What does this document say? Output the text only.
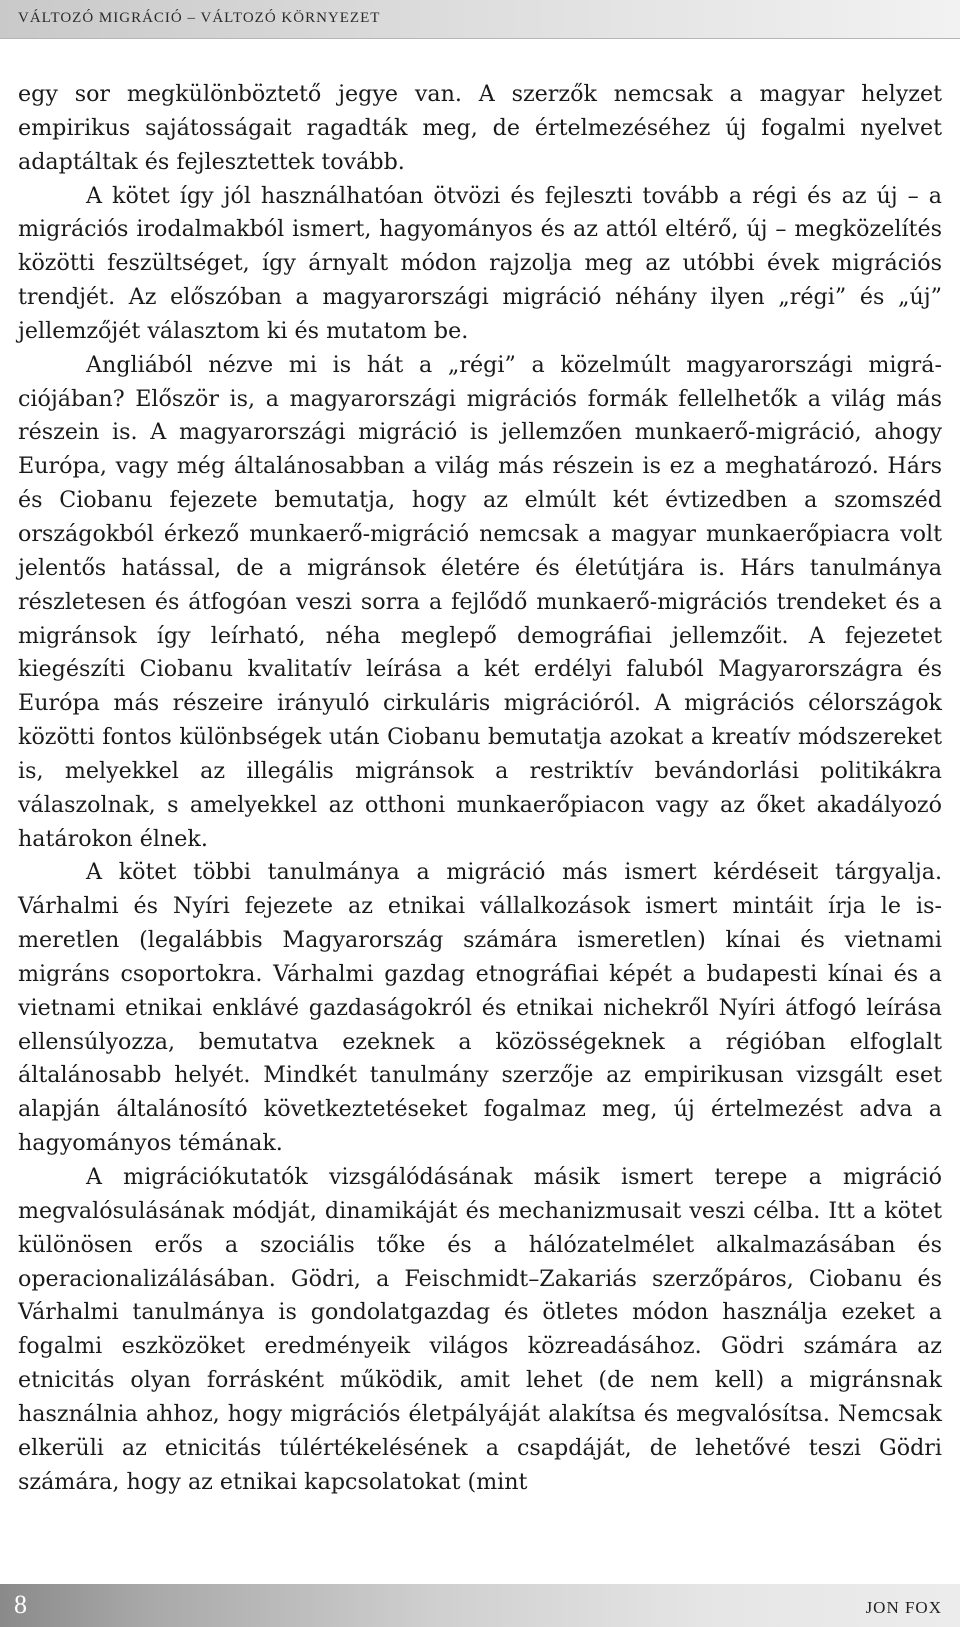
VÁLTOZÓ MIGRÁCIÓ – VÁLTOZÓ KÖRNYEZET

egy sor megkülönböztető jegye van. A szerzők nemcsak a magyar helyzet empirikus sajátosságait ragadták meg, de értelmezéséhez új fogalmi nyelvet adaptáltak és fejlesztettek tovább.

A kötet így jól használhatóan ötvözi és fejleszti tovább a régi és az új – a migrációs irodalmakból ismert, hagyományos és az attól eltérő, új – megközelítés közötti feszültséget, így árnyalt módon rajzolja meg az utóbbi évek migrációs trendjét. Az előszóban a magyarországi migráció néhány ilyen „régi” és „új” jellemzőjét választom ki és mutatom be.

Angliából nézve mi is hát a „régi” a közelmúlt magyarországi migrációjában? Először is, a magyarországi migrációs formák fellelhetők a világ más részein is. A magyarországi migráció is jellemzően munkaerő-migráció, ahogy Európa, vagy még általánosabban a világ más részein is ez a meghatározó. Hárs és Ciobanu fejezete bemutatja, hogy az elmúlt két évtizedben a szomszéd országokból érkező munkaerő-migráció nemcsak a magyar munkaerőpiacra volt jelentős hatással, de a migránsok életére és életútjára is. Hárs tanulmánya részletesen és átfogóan veszi sorra a fejlődő munkaerő-migrációs trendeket és a migránsok így leírható, néha meglepő demográfiai jellemzőit. A fejezetet kiegészíti Ciobanu kvalitatív leírása a két erdélyi faluból Magyarországra és Európa más részeire irányuló cirkuláris migrációról. A migrációs célországok közötti fontos különbségek után Ciobanu bemutatja azokat a kreatív módszereket is, melyekkel az illegális migránsok a restriktív bevándorlási politikákra válaszolnak, s amelyekkel az otthoni munkaerőpiacon vagy az őket akadályozó határokon élnek.

A kötet többi tanulmánya a migráció más ismert kérdéseit tárgyalja. Várhalmi és Nyíri fejezete az etnikai vállalkozások ismert mintáit írja le ismeretlen (legalábbis Magyarország számára ismeretlen) kínai és vietnami migráns csoportokra. Várhalmi gazdag etnográfiai képét a budapesti kínai és a vietnami etnikai enklávé gazdaságokról és etnikai nichekről Nyíri átfogó leírása ellensúlyozza, bemutatva ezeknek a közösségeknek a régióban elfoglalt általánosabb helyét. Mindkét tanulmány szerzője az empirikusan vizsgált eset alapján általánosító következtetéseket fogalmaz meg, új értelmezést adva a hagyományos témának.

A migrációkutatók vizsgálódásának másik ismert terepe a migráció megvalósulásának módját, dinamikáját és mechanizmusait veszi célba. Itt a kötet különösen erős a szociális tőke és a hálózatelmélet alkalmazásában és operacionalizálásában. Gödri, a Feischmidt–Zakariás szerzőpáros, Ciobanu és Várhalmi tanulmánya is gondolatgazdag és ötletes módon használja ezeket a fogalmi eszközöket eredményeik világos közreadásához. Gödri számára az etnicitás olyan forrásként működik, amit lehet (de nem kell) a migránsnak használnia ahhoz, hogy migrációs életpályáját alakítsa és megvalósítsa. Nemcsak elkerüli az etnicitás túlértékelésének a csapdáját, de lehetővé teszi Gödri számára, hogy az etnikai kapcsolatokat (mint

8	JON FOX
